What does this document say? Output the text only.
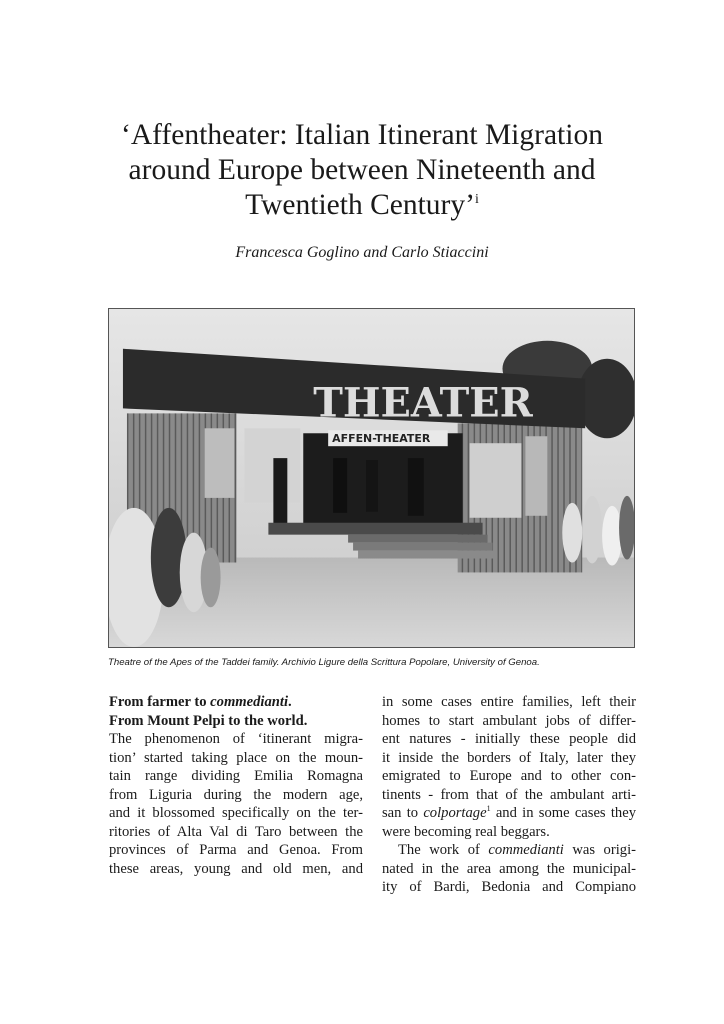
‘Affentheater: Italian Itinerant Migration
around Europe between Nineteenth and
Twentieth Century’$^i$
Francesca Goglino and Carlo Stiaccini
THEATER
AFFEN-THEATER
Theatre of the Apes of the Taddei family. Archivio Ligure della Scrittura Popolare, University of Genoa.
From farmer to commedianti.
From Mount Pelpi to the world.
The phenomenon of ‘itinerant migra-
tion’ started taking place on the moun-
tain range dividing Emilia Romagna
from Liguria during the modern age,
and it blossomed specifically on the ter-
ritories of Alta Val di Taro between the
provinces of Parma and Genoa. From
these areas, young and old men, and
in some cases entire families, left their
homes to start ambulant jobs of differ-
ent natures - initially these people did
it inside the borders of Italy, later they
emigrated to Europe and to other con-
tinents - from that of the ambulant arti-
san to colportage$^1$ and in some cases they
were becoming real beggars.
The work of commedianti was origi-
nated in the area among the municipal-
ity of Bardi, Bedonia and Compiano
